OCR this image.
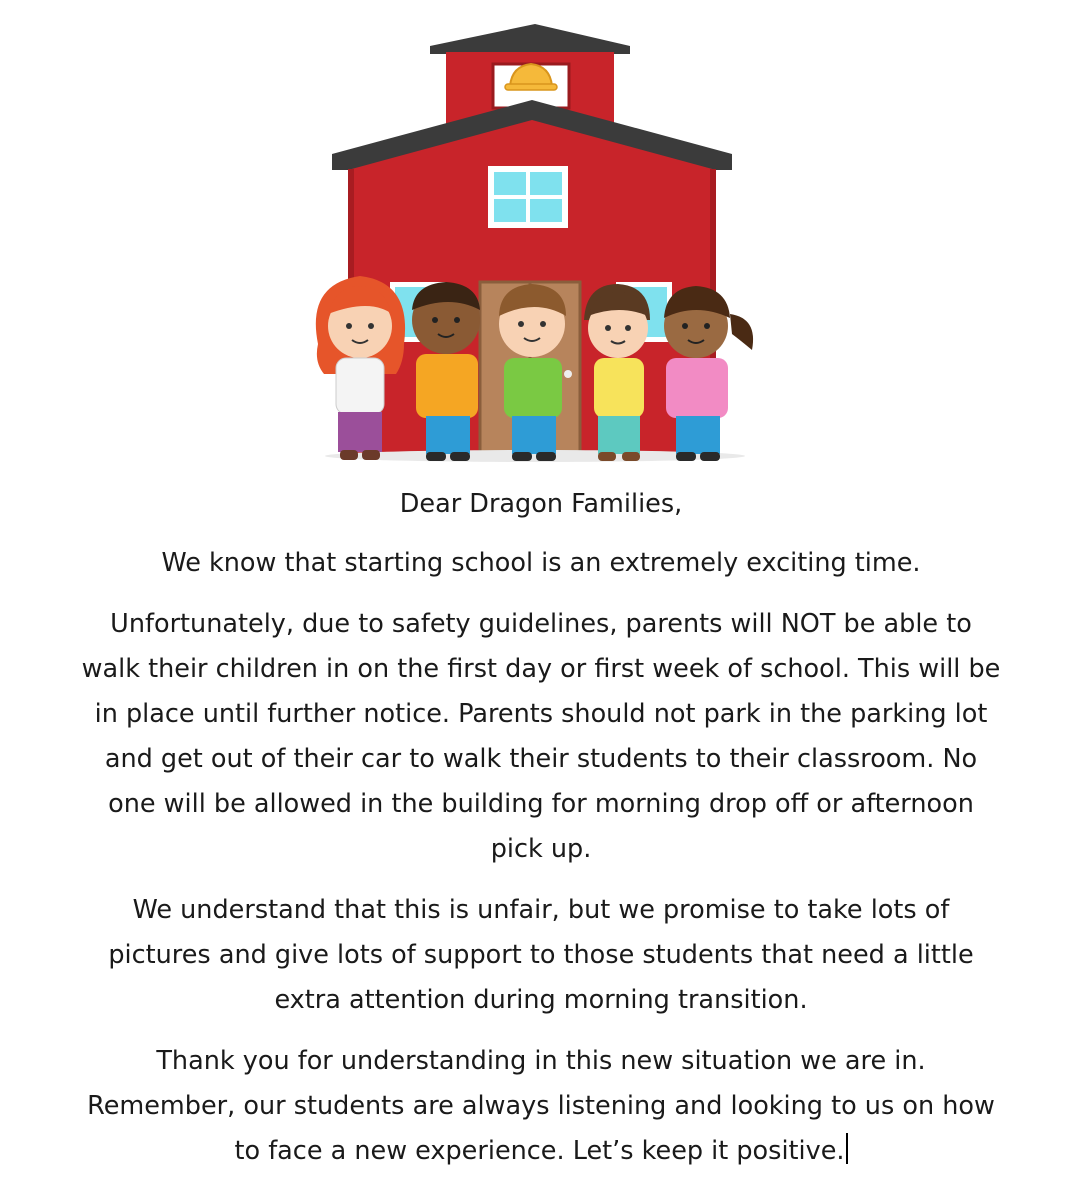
Dear Dragon Families,

We know that starting school is an extremely exciting time.

Unfortunately, due to safety guidelines, parents will NOT be able to
walk their children in on the first day or first week of school. This will be
in place until further notice. Parents should not park in the parking lot
and get out of their car to walk their students to their classroom. No
one will be allowed in the building for morning drop off or afternoon
pick up.

We understand that this is unfair, but we promise to take lots of
pictures and give lots of support to those students that need a little
extra attention during morning transition.

Thank you for understanding in this new situation we are in.
Remember, our students are always listening and looking to us on how
to face a new experience. Let’s keep it positive.
